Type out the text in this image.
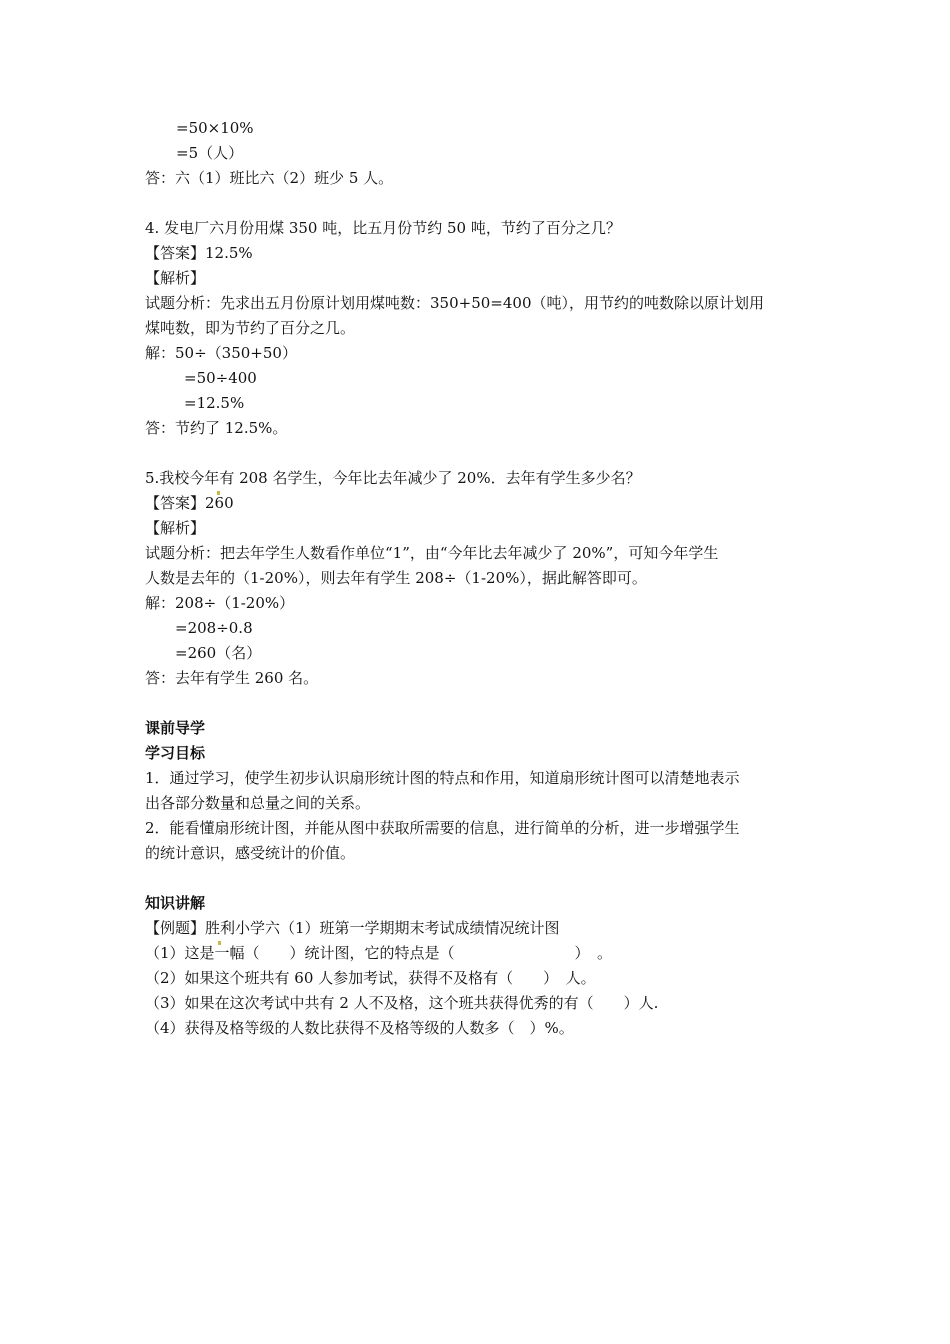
=50×10%
=5（人）
答：六（1）班比六（2）班少 5 人。
4. 发电厂六月份用煤 350 吨，比五月份节约 50 吨，节约了百分之几？
【答案】12.5%
【解析】
试题分析：先求出五月份原计划用煤吨数：350+50=400（吨），用节约的吨数除以原计划用
煤吨数，即为节约了百分之几。
解：50÷（350+50）
=50÷400
=12.5%
答：节约了 12.5%。
5.我校今年有 208 名学生，今年比去年减少了 20%．去年有学生多少名？
【答案】260
【解析】
试题分析：把去年学生人数看作单位“1”，由“今年比去年减少了 20%”，可知今年学生
人数是去年的（1-20%），则去年有学生 208÷（1-20%），据此解答即可。
解：208÷（1-20%）
=208÷0.8
=260（名）
答：去年有学生 260 名。
课前导学
学习目标
1．通过学习，使学生初步认识扇形统计图的特点和作用，知道扇形统计图可以清楚地表示
出各部分数量和总量之间的关系。
2．能看懂扇形统计图，并能从图中获取所需要的信息，进行简单的分析，进一步增强学生
的统计意识，感受统计的价值。
知识讲解
【例题】胜利小学六（1）班第一学期期末考试成绩情况统计图
（1）这是一幅（　　）统计图，它的特点是（　　　　　　　　）　。
（2）如果这个班共有 60 人参加考试，获得不及格有（　　）　人。
（3）如果在这次考试中共有 2 人不及格，这个班共获得优秀的有（　　）人.
（4）获得及格等级的人数比获得不及格等级的人数多（　）%。
